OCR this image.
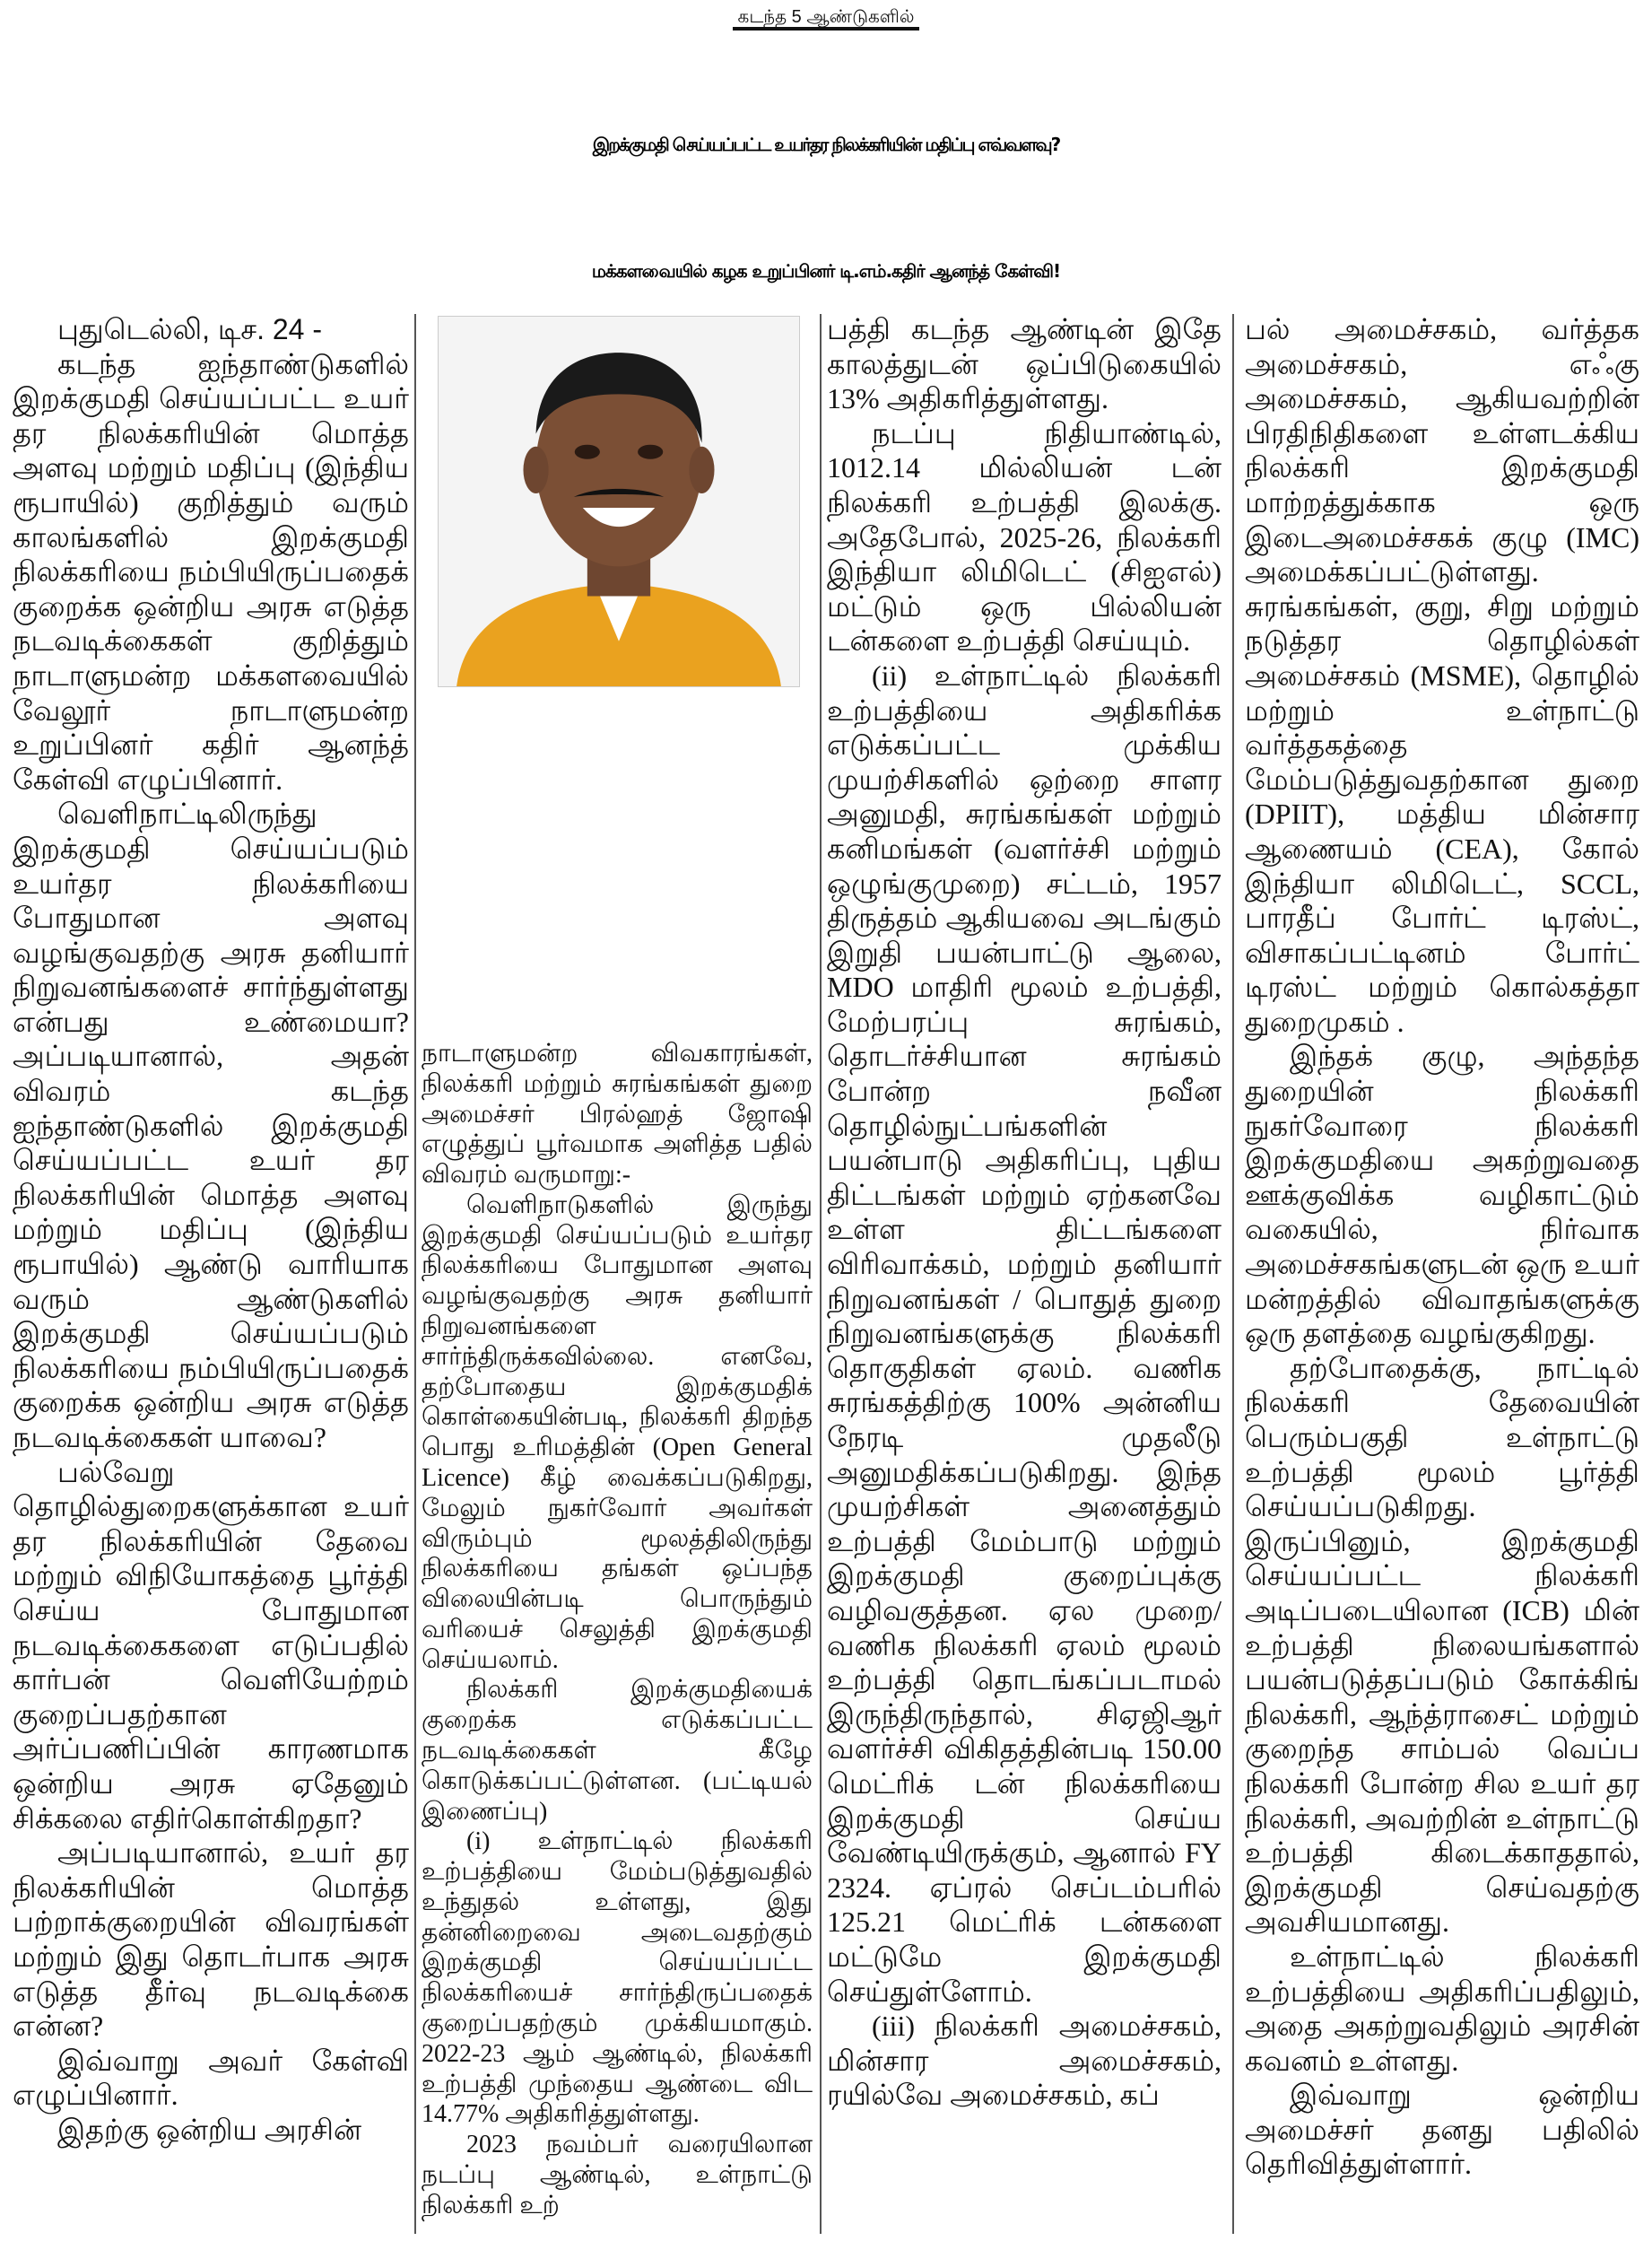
கடந்த 5 ஆண்டுகளில்
இறக்குமதி செய்யப்பட்ட உயர்தர நிலக்கரியின் மதிப்பு எவ்வளவு?
மக்களவையில் கழக உறுப்பினர் டி.எம்.கதிர் ஆனந்த் கேள்வி!

புதுடெல்லி, டிச. 24 -

கடந்த ஐந்தாண்டுகளில் இறக்குமதி செய்யப்பட்ட உயர் தர நிலக்கரியின் மொத்த அளவு மற்றும் மதிப்பு (இந்திய ரூபாயில்) குறித்தும் வரும் காலங்களில் இறக்குமதி நிலக்கரியை நம்பியிருப்பதைக் குறைக்க ஒன்றிய அரசு எடுத்த நடவடிக்கைகள் குறித்தும் நாடாளுமன்ற மக்களவையில் வேலூர் நாடாளுமன்ற உறுப்பினர் கதிர் ஆனந்த் கேள்வி எழுப்பினார்.

வெளிநாட்டிலிருந்து இறக்குமதி செய்யப்படும் உயர்தர நிலக்கரியை போதுமான அளவு வழங்குவதற்கு அரசு தனியார் நிறுவனங்களைச் சார்ந்துள்ளது என்பது உண்மையா? அப்படியானால், அதன் விவரம் கடந்த ஐந்தாண்டுகளில் இறக்குமதி செய்யப்பட்ட உயர் தர நிலக்கரியின் மொத்த அளவு மற்றும் மதிப்பு (இந்திய ரூபாயில்) ஆண்டு வாரியாக வரும் ஆண்டுகளில் இறக்குமதி செய்யப்படும் நிலக்கரியை நம்பியிருப்பதைக் குறைக்க ஒன்றிய அரசு எடுத்த நடவடிக்கைகள் யாவை?

பல்வேறு தொழில்துறைகளுக்கான உயர் தர நிலக்கரியின் தேவை மற்றும் விநியோகத்தை பூர்த்தி செய்ய போதுமான நடவடிக்கைகளை எடுப்பதில் கார்பன் வெளியேற்றம் குறைப்பதற்கான அர்ப்பணிப்பின் காரணமாக ஒன்றிய அரசு ஏதேனும் சிக்கலை எதிர்கொள்கிறதா?

அப்படியானால், உயர் தர நிலக்கரியின் மொத்த பற்றாக்குறையின் விவரங்கள் மற்றும் இது தொடர்பாக அரசு எடுத்த தீர்வு நடவடிக்கை என்ன?

இவ்வாறு அவர் கேள்வி எழுப்பினார்.

இதற்கு ஒன்றிய அரசின்

நாடாளுமன்ற விவகாரங்கள், நிலக்கரி மற்றும் சுரங்கங்கள் துறை அமைச்சர் பிரல்ஹத் ஜோஷி எழுத்துப் பூர்வமாக அளித்த பதில் விவரம் வருமாறு:-

வெளிநாடுகளில் இருந்து இறக்குமதி செய்யப்படும் உயர்தர நிலக்கரியை போதுமான அளவு வழங்குவதற்கு அரசு தனியார் நிறுவனங்களை சார்ந்திருக்கவில்லை. எனவே, தற்போதைய இறக்குமதிக் கொள்கையின்படி, நிலக்கரி திறந்த பொது உரிமத்தின் (Open General Licence) கீழ் வைக்கப்படுகிறது, மேலும் நுகர்வோர் அவர்கள் விரும்பும் மூலத்திலிருந்து நிலக்கரியை தங்கள் ஒப்பந்த விலையின்படி பொருந்தும் வரியைச் செலுத்தி இறக்குமதி செய்யலாம்.

நிலக்கரி இறக்குமதியைக் குறைக்க எடுக்கப்பட்ட நடவடிக்கைகள் கீழே கொடுக்கப்பட்டுள்ளன. (பட்டியல் இணைப்பு)

(i) உள்நாட்டில் நிலக்கரி உற்பத்தியை மேம்படுத்துவதில் உந்துதல் உள்ளது, இது தன்னிறைவை அடைவதற்கும் இறக்குமதி செய்யப்பட்ட நிலக்கரியைச் சார்ந்திருப்பதைக் குறைப்பதற்கும் முக்கியமாகும். 2022-23 ஆம் ஆண்டில், நிலக்கரி உற்பத்தி முந்தைய ஆண்டை விட 14.77% அதிகரித்துள்ளது.

2023 நவம்பர் வரையிலான நடப்பு ஆண்டில், உள்நாட்டு நிலக்கரி உற்

பத்தி கடந்த ஆண்டின் இதே காலத்துடன் ஒப்பிடுகையில் 13% அதிகரித்துள்ளது.

நடப்பு நிதியாண்டில், 1012.14 மில்லியன் டன் நிலக்கரி உற்பத்தி இலக்கு. அதேபோல், 2025-26, நிலக்கரி இந்தியா லிமிடெட் (சிஐஎல்) மட்டும் ஒரு பில்லியன் டன்களை உற்பத்தி செய்யும்.

(ii) உள்நாட்டில் நிலக்கரி உற்பத்தியை அதிகரிக்க எடுக்கப்பட்ட முக்கிய முயற்சிகளில் ஒற்றை சாளர அனுமதி, சுரங்கங்கள் மற்றும் கனிமங்கள் (வளர்ச்சி மற்றும் ஒழுங்குமுறை) சட்டம், 1957 திருத்தம் ஆகியவை அடங்கும் இறுதி பயன்பாட்டு ஆலை, MDO மாதிரி மூலம் உற்பத்தி, மேற்பரப்பு சுரங்கம், தொடர்ச்சியான சுரங்கம் போன்ற நவீன தொழில்நுட்பங்களின் பயன்பாடு அதிகரிப்பு, புதிய திட்டங்கள் மற்றும் ஏற்கனவே உள்ள திட்டங்களை விரிவாக்கம், மற்றும் தனியார் நிறுவனங்கள் / பொதுத் துறை நிறுவனங்களுக்கு நிலக்கரி தொகுதிகள் ஏலம். வணிக சுரங்கத்திற்கு 100% அன்னிய நேரடி முதலீடு அனுமதிக்கப்படுகிறது. இந்த முயற்சிகள் அனைத்தும் உற்பத்தி மேம்பாடு மற்றும் இறக்குமதி குறைப்புக்கு வழிவகுத்தன. ஏல முறை/வணிக நிலக்கரி ஏலம் மூலம் உற்பத்தி தொடங்கப்படாமல் இருந்திருந்தால், சிஏஜிஆர் வளர்ச்சி விகிதத்தின்படி 150.00 மெட்ரிக் டன் நிலக்கரியை இறக்குமதி செய்ய வேண்டியிருக்கும், ஆனால் FY 2324. ஏப்ரல் செப்டம்பரில் 125.21 மெட்ரிக் டன்களை மட்டுமே இறக்குமதி செய்துள்ளோம்.

(iii) நிலக்கரி அமைச்சகம், மின்சார அமைச்சகம், ரயில்வே அமைச்சகம், கப்

பல் அமைச்சகம், வர்த்தக அமைச்சகம், எஃகு அமைச்சகம், ஆகியவற்றின் பிரதிநிதிகளை உள்ளடக்கிய நிலக்கரி இறக்குமதி மாற்றத்துக்காக ஒரு இடைஅமைச்சகக் குழு (IMC) அமைக்கப்பட்டுள்ளது. சுரங்கங்கள், குறு, சிறு மற்றும் நடுத்தர தொழில்கள் அமைச்சகம் (MSME), தொழில் மற்றும் உள்நாட்டு வர்த்தகத்தை மேம்படுத்துவதற்கான துறை (DPIIT), மத்திய மின்சார ஆணையம் (CEA), கோல் இந்தியா லிமிடெட், SCCL, பாரதீப் போர்ட் டிரஸ்ட், விசாகப்பட்டினம் போர்ட் டிரஸ்ட் மற்றும் கொல்கத்தா துறைமுகம் .

இந்தக் குழு, அந்தந்த துறையின் நிலக்கரி நுகர்வோரை நிலக்கரி இறக்குமதியை அகற்றுவதை ஊக்குவிக்க வழிகாட்டும் வகையில், நிர்வாக அமைச்சகங்களுடன் ஒரு உயர் மன்றத்தில் விவாதங்களுக்கு ஒரு தளத்தை வழங்குகிறது.

தற்போதைக்கு, நாட்டில் நிலக்கரி தேவையின் பெரும்பகுதி உள்நாட்டு உற்பத்தி மூலம் பூர்த்தி செய்யப்படுகிறது. இருப்பினும், இறக்குமதி செய்யப்பட்ட நிலக்கரி அடிப்படையிலான (ICB) மின் உற்பத்தி நிலையங்களால் பயன்படுத்தப்படும் கோக்கிங் நிலக்கரி, ஆந்த்ராசைட் மற்றும் குறைந்த சாம்பல் வெப்ப நிலக்கரி போன்ற சில உயர் தர நிலக்கரி, அவற்றின் உள்நாட்டு உற்பத்தி கிடைக்காததால், இறக்குமதி செய்வதற்கு அவசியமானது.

உள்நாட்டில் நிலக்கரி உற்பத்தியை அதிகரிப்பதிலும், அதை அகற்றுவதிலும் அரசின் கவனம் உள்ளது.

இவ்வாறு ஒன்றிய அமைச்சர் தனது பதிலில் தெரிவித்துள்ளார்.
